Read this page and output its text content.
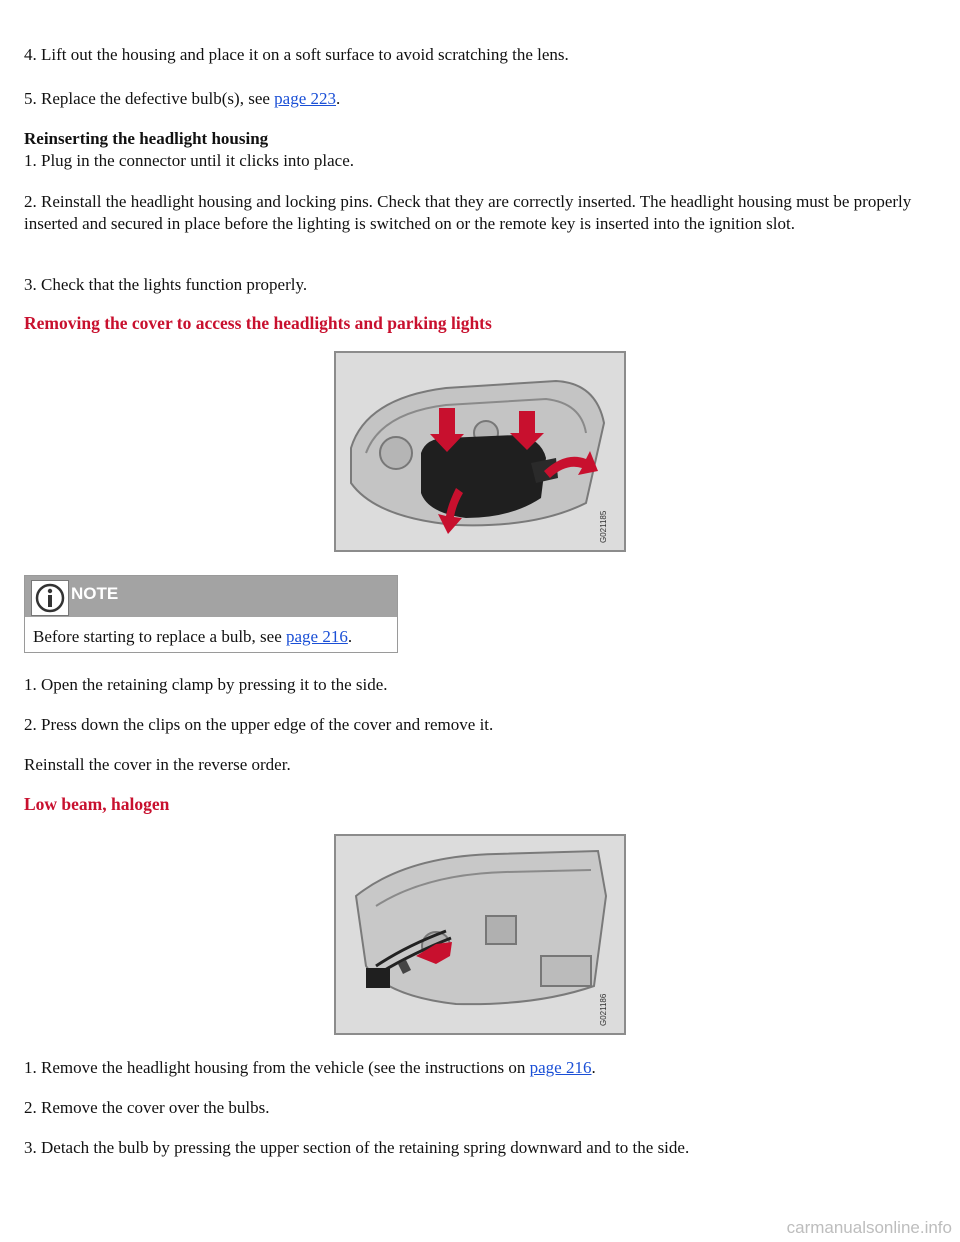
4. Lift out the housing and place it on a soft surface to avoid scratching the lens.

5. Replace the defective bulb(s), see page 223.

Reinserting the headlight housing

1. Plug in the connector until it clicks into place.

2. Reinstall the headlight housing and locking pins. Check that they are correctly inserted. The headlight housing must be properly inserted and secured in place before the lighting is switched on or the remote key is inserted into the ignition slot.

3. Check that the lights function properly.

Removing the cover to access the headlights and parking lights

G021185
NOTE
Before starting to replace a bulb, see page 216.

1. Open the retaining clamp by pressing it to the side.

2. Press down the clips on the upper edge of the cover and remove it.

Reinstall the cover in the reverse order.

Low beam, halogen

G021186

1. Remove the headlight housing from the vehicle (see the instructions on page 216.

2. Remove the cover over the bulbs.

3. Detach the bulb by pressing the upper section of the retaining spring downward and to the side.

carmanualsonline.info
